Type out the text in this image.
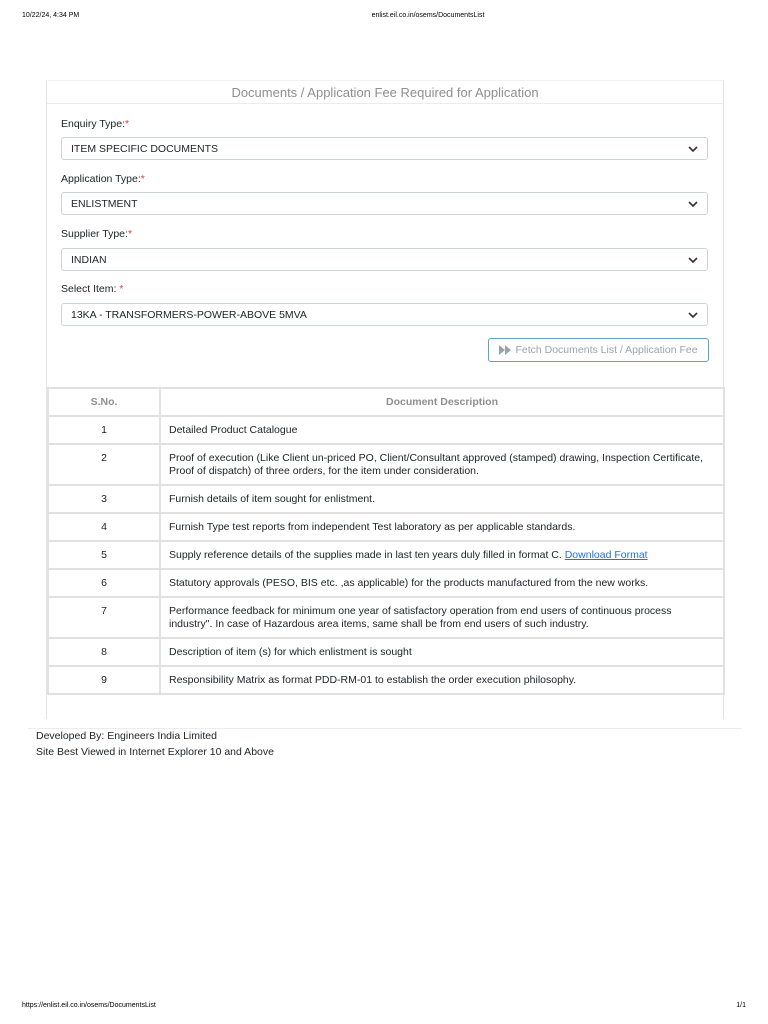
10/22/24, 4:34 PM	enlist.eil.co.in/osems/DocumentsList
Documents / Application Fee Required for Application
Enquiry Type:*
ITEM SPECIFIC DOCUMENTS
Application Type:*
ENLISTMENT
Supplier Type:*
INDIAN
Select Item: *
13KA - TRANSFORMERS-POWER-ABOVE 5MVA
Fetch Documents List / Application Fee
S.No.	Document Description
1	Detailed Product Catalogue
2	Proof of execution (Like Client un-priced PO, Client/Consultant approved (stamped) drawing, Inspection Certificate, Proof of dispatch) of three orders, for the item under consideration.
3	Furnish details of item sought for enlistment.
4	Furnish Type test reports from independent Test laboratory as per applicable standards.
5	Supply reference details of the supplies made in last ten years duly filled in format C. Download Format
6	Statutory approvals (PESO, BIS etc. ,as applicable) for the products manufactured from the new works.
7	Performance feedback for minimum one year of satisfactory operation from end users of continuous process industry". In case of Hazardous area items, same shall be from end users of such industry.
8	Description of item (s) for which enlistment is sought
9	Responsibility Matrix as format PDD-RM-01 to establish the order execution philosophy.
Developed By: Engineers India Limited
Site Best Viewed in Internet Explorer 10 and Above
https://enlist.eil.co.in/osems/DocumentsList	1/1
